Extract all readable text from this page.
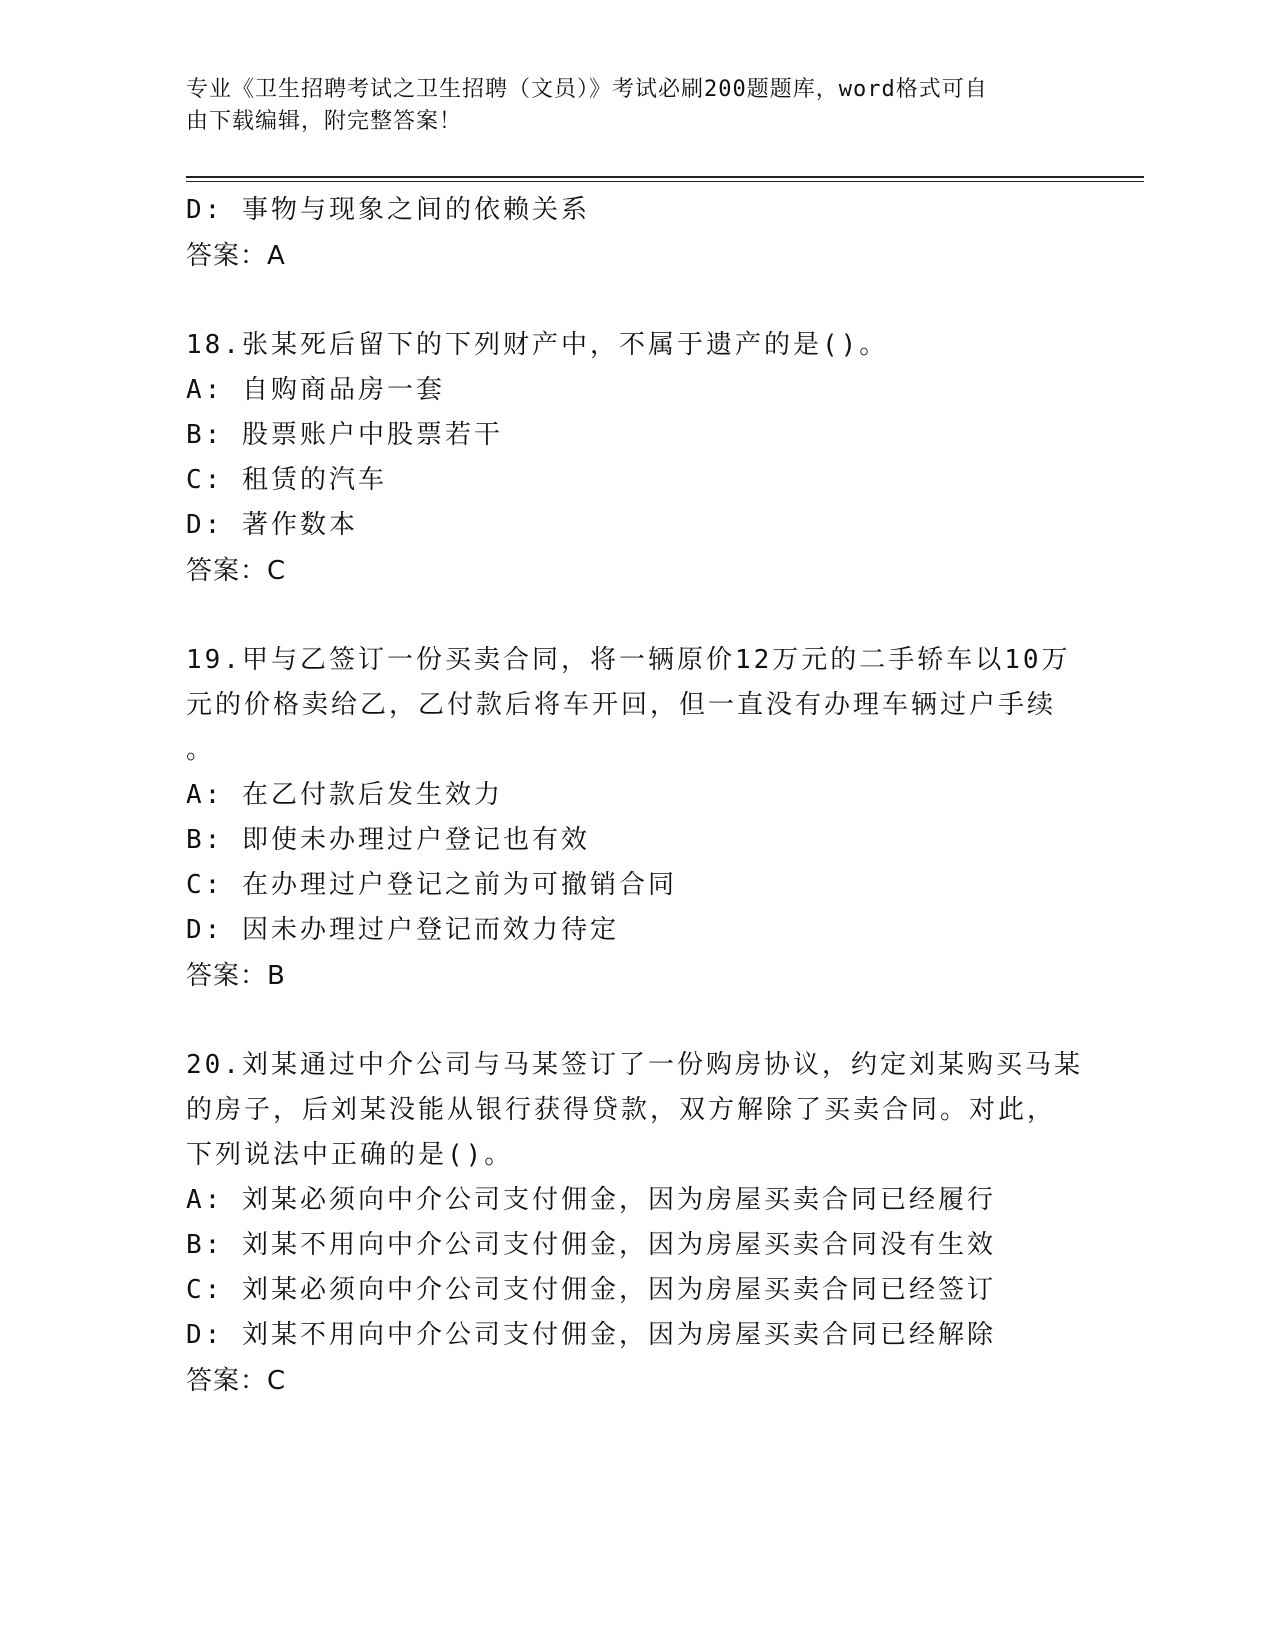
专业《卫生招聘考试之卫生招聘（文员）》考试必刷200题题库，word格式可自
由下载编辑，附完整答案！
D: 事物与现象之间的依赖关系
答案：A
18.张某死后留下的下列财产中，不属于遗产的是()。
A: 自购商品房一套
B: 股票账户中股票若干
C: 租赁的汽车
D: 著作数本
答案：C
19.甲与乙签订一份买卖合同，将一辆原价12万元的二手轿车以10万
元的价格卖给乙，乙付款后将车开回，但一直没有办理车辆过户手续
。
A: 在乙付款后发生效力
B: 即使未办理过户登记也有效
C: 在办理过户登记之前为可撤销合同
D: 因未办理过户登记而效力待定
答案：B
20.刘某通过中介公司与马某签订了一份购房协议，约定刘某购买马某
的房子，后刘某没能从银行获得贷款，双方解除了买卖合同。对此，
下列说法中正确的是()。
A: 刘某必须向中介公司支付佣金，因为房屋买卖合同已经履行
B: 刘某不用向中介公司支付佣金，因为房屋买卖合同没有生效
C: 刘某必须向中介公司支付佣金，因为房屋买卖合同已经签订
D: 刘某不用向中介公司支付佣金，因为房屋买卖合同已经解除
答案：C
